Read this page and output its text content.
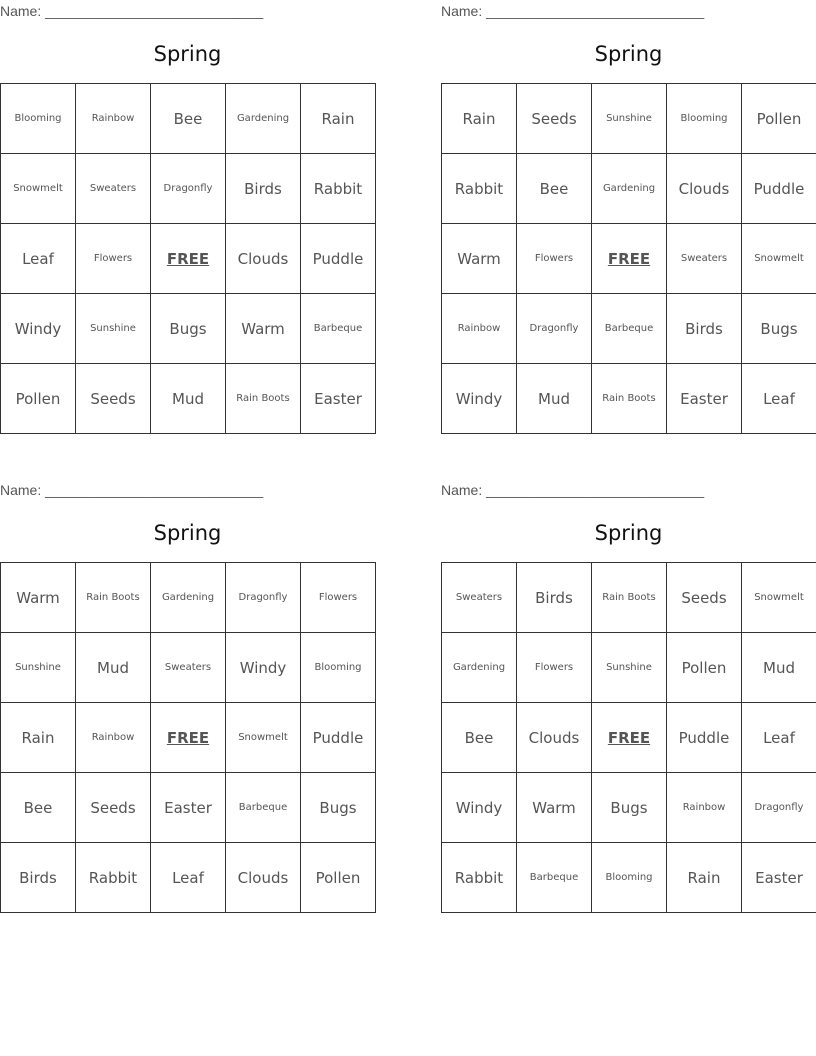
Name: ____________________________
Spring
Blooming	Rainbow	Bee	Gardening	Rain
Snowmelt	Sweaters	Dragonfly	Birds	Rabbit
Leaf	Flowers	FREE	Clouds	Puddle
Windy	Sunshine	Bugs	Warm	Barbeque
Pollen	Seeds	Mud	Rain Boots	Easter
Name: ____________________________
Spring
Rain	Seeds	Sunshine	Blooming	Pollen
Rabbit	Bee	Gardening	Clouds	Puddle
Warm	Flowers	FREE	Sweaters	Snowmelt
Rainbow	Dragonfly	Barbeque	Birds	Bugs
Windy	Mud	Rain Boots	Easter	Leaf
Name: ____________________________
Spring
Warm	Rain Boots	Gardening	Dragonfly	Flowers
Sunshine	Mud	Sweaters	Windy	Blooming
Rain	Rainbow	FREE	Snowmelt	Puddle
Bee	Seeds	Easter	Barbeque	Bugs
Birds	Rabbit	Leaf	Clouds	Pollen
Name: ____________________________
Spring
Sweaters	Birds	Rain Boots	Seeds	Snowmelt
Gardening	Flowers	Sunshine	Pollen	Mud
Bee	Clouds	FREE	Puddle	Leaf
Windy	Warm	Bugs	Rainbow	Dragonfly
Rabbit	Barbeque	Blooming	Rain	Easter
